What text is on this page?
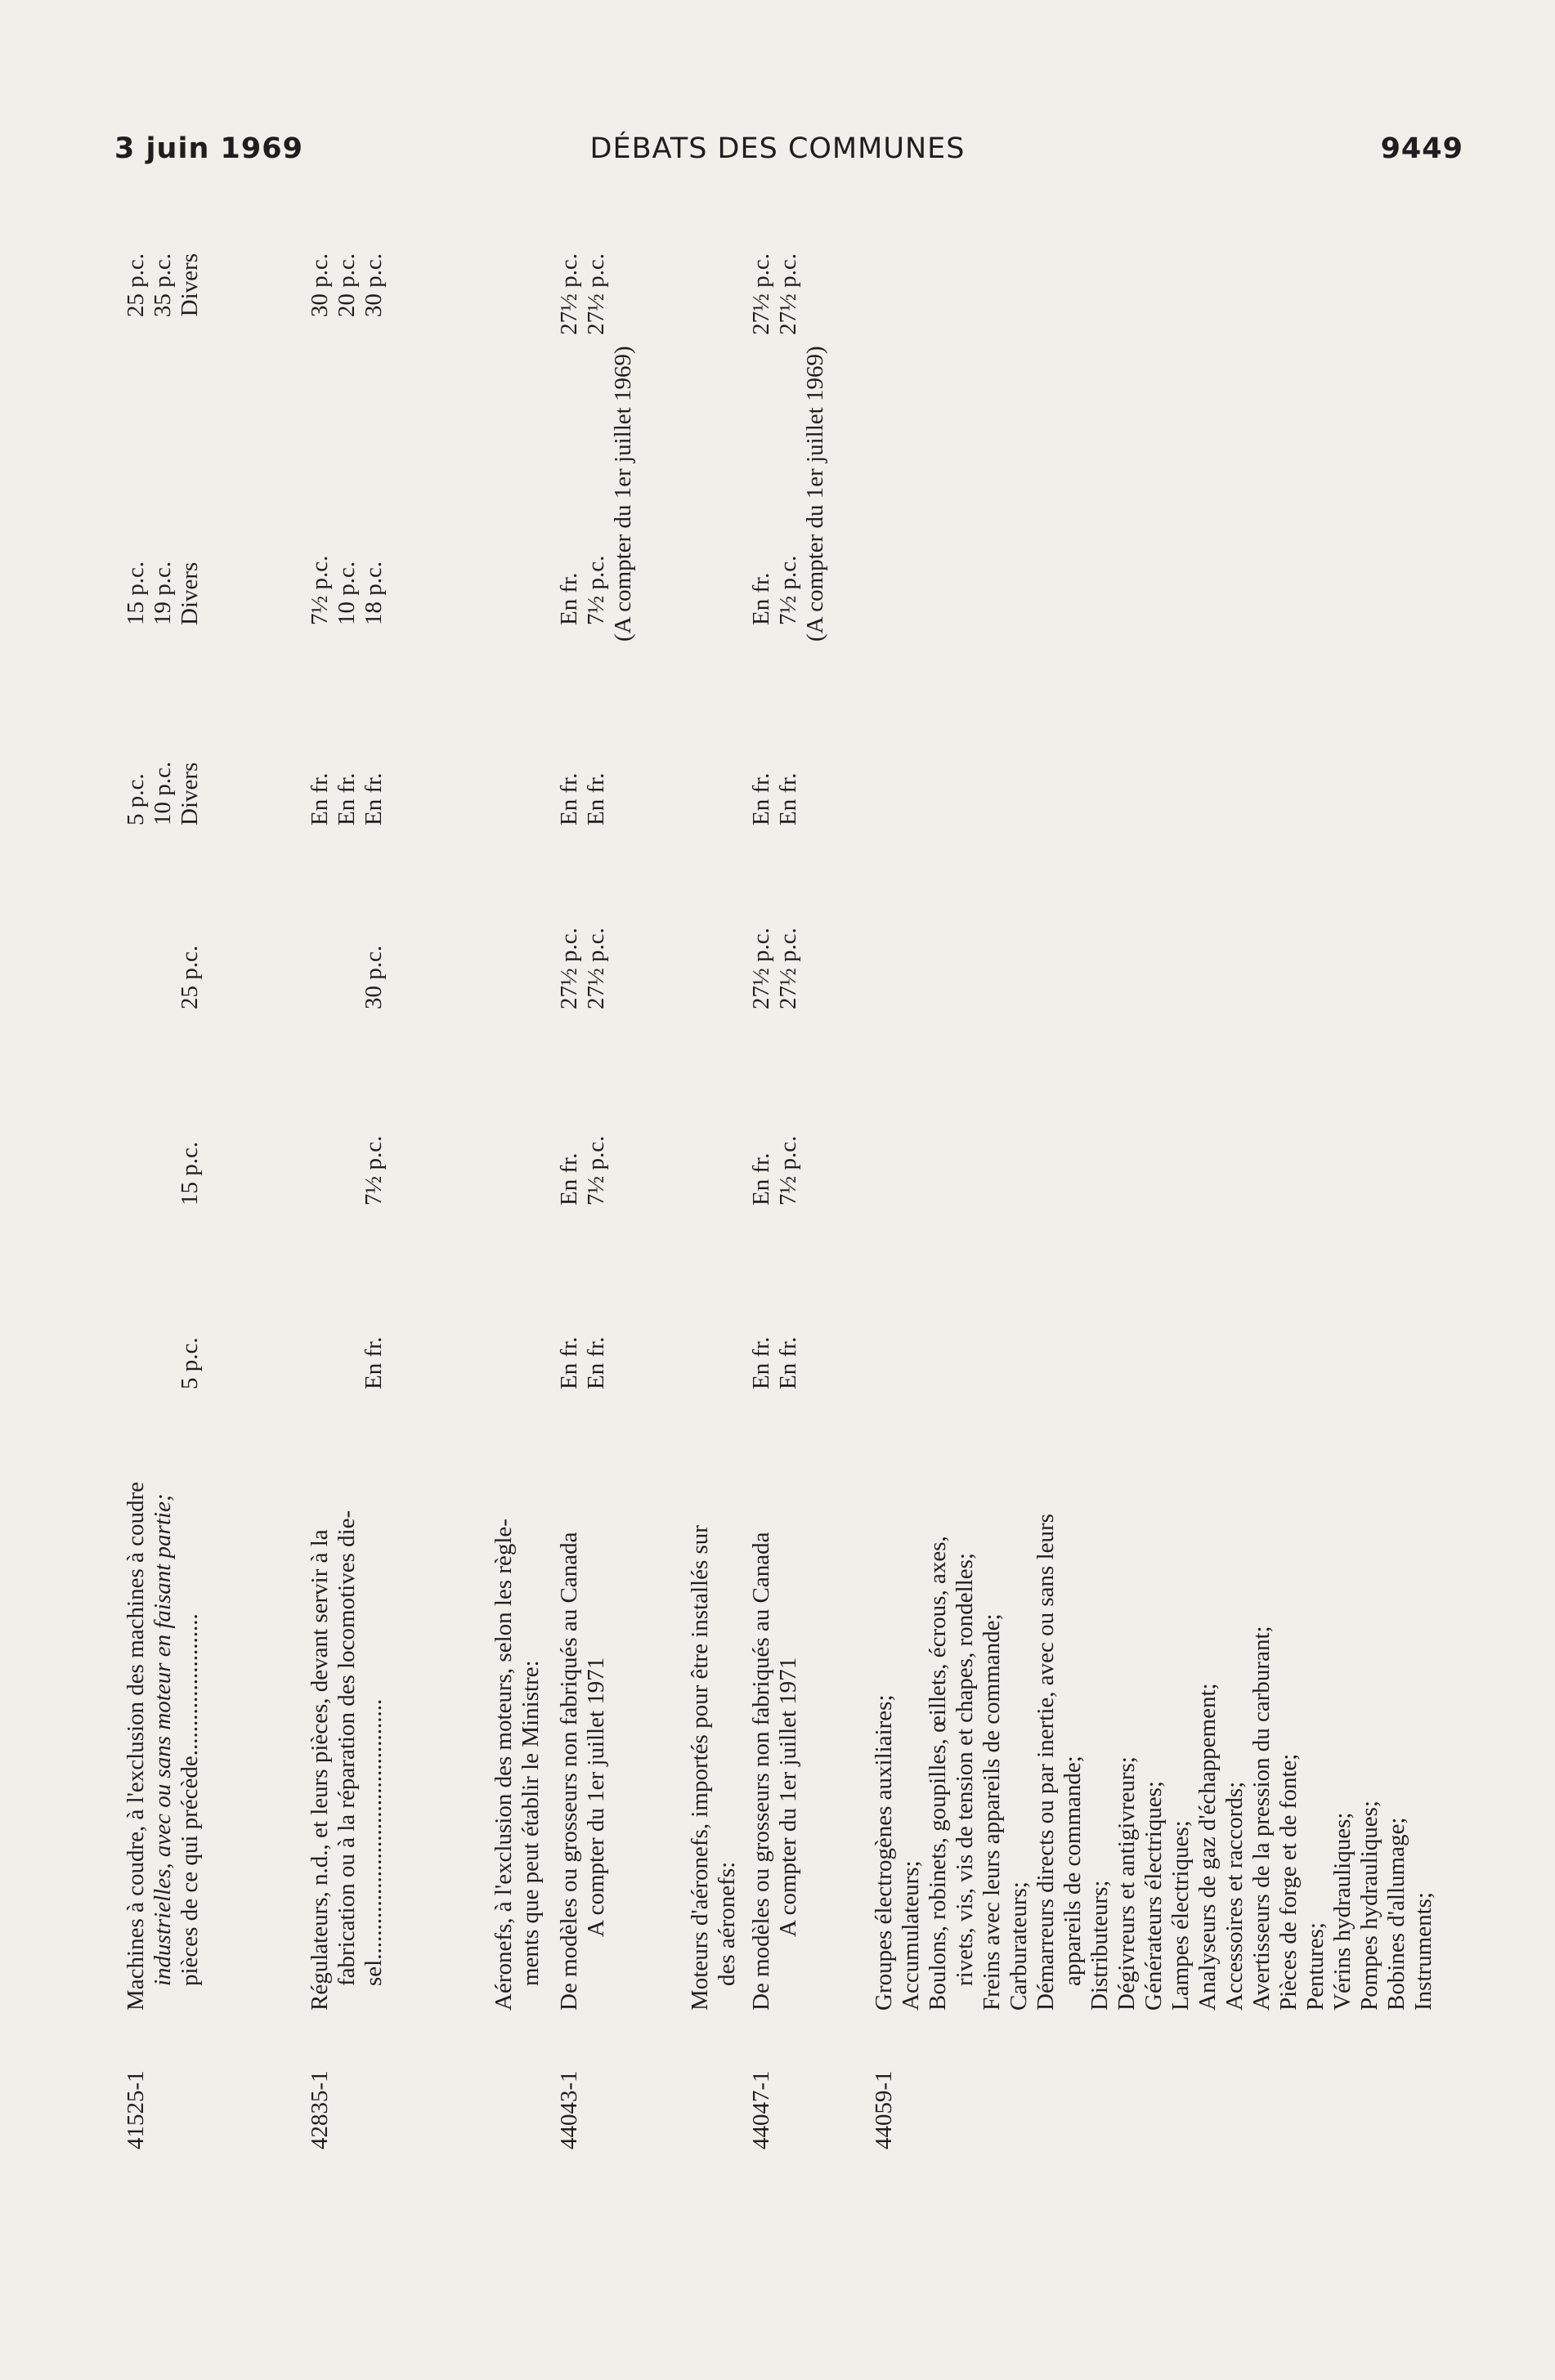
3 juin 1969	DÉBATS DES COMMUNES	9449
41525-1

Machines à coudre, à l'exclusion des machines à coudre industrielles, avec ou sans moteur en faisant partie; pièces de ce qui précède........................

5 p.c.
15 p.c.
25 p.c.
5 p.c. 10 p.c. Divers
15 p.c. 19 p.c. Divers
25 p.c. 35 p.c. Divers
42835-1

Régulateurs, n.d., et leurs pièces, devant servir à la fabrication ou à la réparation des locomotives die- sel............................................

En fr.
7½ p.c.
30 p.c.
En fr. En fr. En fr.
7½ p.c. 10 p.c. 18 p.c.
30 p.c. 20 p.c. 30 p.c.

Aéronefs, à l'exclusion des moteurs, selon les règle- ments que peut établir le Ministre:

44043-1

De modèles ou grosseurs non fabriqués au Canada A compter du 1er juillet 1971

En fr. En fr.
En fr. 7½ p.c.
27½ p.c. 27½ p.c.
En fr. En fr.
En fr. 7½ p.c.
27½ p.c. 27½ p.c.
(A compter du 1er juillet 1969)

Moteurs d'aéronefs, importés pour être installés sur des aéronefs:

44047-1

De modèles ou grosseurs non fabriqués au Canada A compter du 1er juillet 1971

En fr. En fr.
En fr. 7½ p.c.
27½ p.c. 27½ p.c.
En fr. En fr.
En fr. 7½ p.c.
27½ p.c. 27½ p.c.
(A compter du 1er juillet 1969)
44059-1

Groupes électrogènes auxiliaires; Accumulateurs; Boulons, robinets, goupilles, œillets, écrous, axes, rivets, vis, vis de tension et chapes, rondelles; Freins avec leurs appareils de commande; Carburateurs; Démarreurs directs ou par inertie, avec ou sans leurs appareils de commande; Distributeurs; Dégivreurs et antigivreurs; Générateurs électriques; Lampes électriques; Analyseurs de gaz d'échappement; Accessoires et raccords; Avertisseurs de la pression du carburant; Pièces de forge et de fonte; Pentures; Vérins hydrauliques; Pompes hydrauliques; Bobines d'allumage; Instruments;
